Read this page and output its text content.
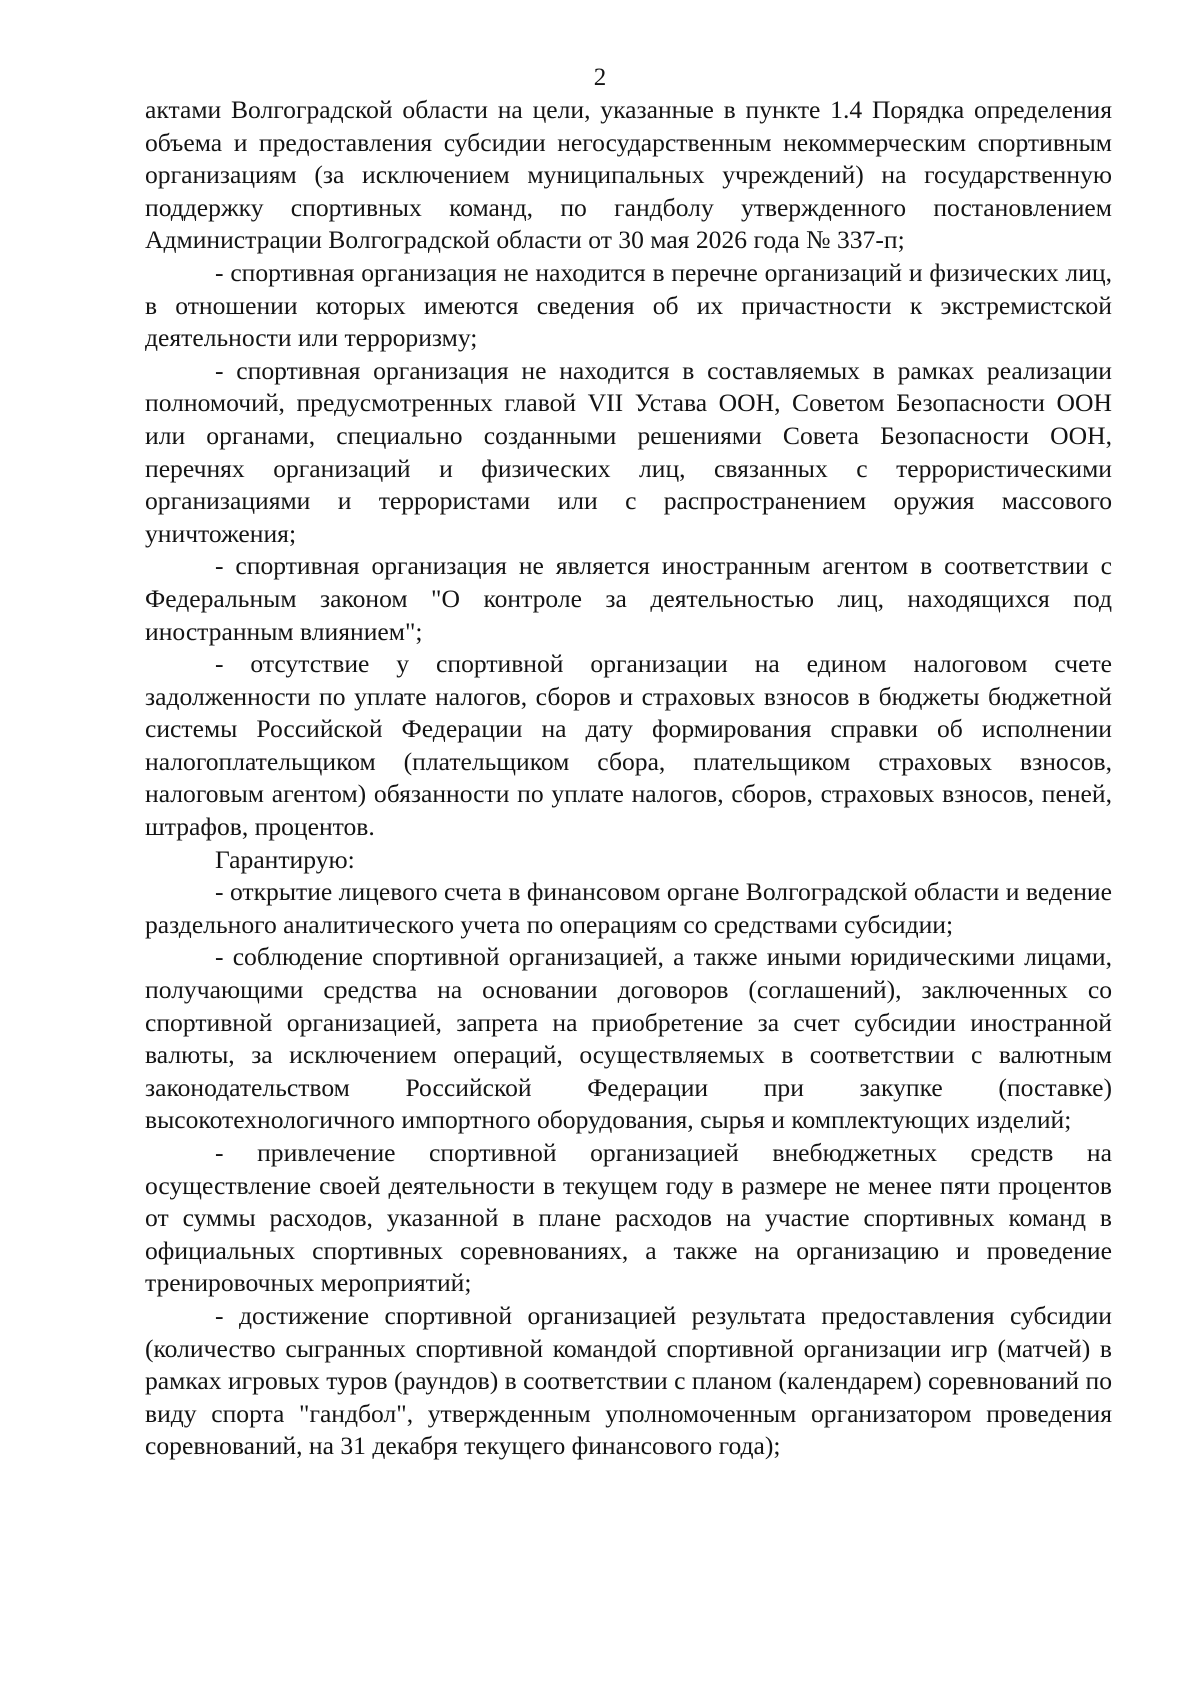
2

актами Волгоградской области на цели, указанные в пункте 1.4 Порядка определения объема и предоставления субсидии негосударственным некоммерческим спортивным организациям (за исключением муниципальных учреждений) на государственную поддержку спортивных команд, по гандболу утвержденного постановлением Администрации Волгоградской области от 30 мая 2026 года № 337-п;

- спортивная организация не находится в перечне организаций и физических лиц, в отношении которых имеются сведения об их причастности к экстремистской деятельности или терроризму;

- спортивная организация не находится в составляемых в рамках реализации полномочий, предусмотренных главой VII Устава ООН, Советом Безопасности ООН или органами, специально созданными решениями Совета Безопасности ООН, перечнях организаций и физических лиц, связанных с террористическими организациями и террористами или с распространением оружия массового уничтожения;

- спортивная организация не является иностранным агентом в соответствии с Федеральным законом "О контроле за деятельностью лиц, находящихся под иностранным влиянием";

- отсутствие у спортивной организации на едином налоговом счете задолженности по уплате налогов, сборов и страховых взносов в бюджеты бюджетной системы Российской Федерации на дату формирования справки об исполнении налогоплательщиком (плательщиком сбора, плательщиком страховых взносов, налоговым агентом) обязанности по уплате налогов, сборов, страховых взносов, пеней, штрафов, процентов.

Гарантирую:

- открытие лицевого счета в финансовом органе Волгоградской области и ведение раздельного аналитического учета по операциям со средствами субсидии;

- соблюдение спортивной организацией, а также иными юридическими лицами, получающими средства на основании договоров (соглашений), заключенных со спортивной организацией, запрета на приобретение за счет субсидии иностранной валюты, за исключением операций, осуществляемых в соответствии с валютным законодательством Российской Федерации при закупке (поставке) высокотехнологичного импортного оборудования, сырья и комплектующих изделий;

- привлечение спортивной организацией внебюджетных средств на осуществление своей деятельности в текущем году в размере не менее пяти процентов от суммы расходов, указанной в плане расходов на участие спортивных команд в официальных спортивных соревнованиях, а также на организацию и проведение тренировочных мероприятий;

- достижение спортивной организацией результата предоставления субсидии (количество сыгранных спортивной командой спортивной организации игр (матчей) в рамках игровых туров (раундов) в соответствии с планом (календарем) соревнований по виду спорта "гандбол", утвержденным уполномоченным организатором проведения соревнований, на 31 декабря текущего финансового года);
